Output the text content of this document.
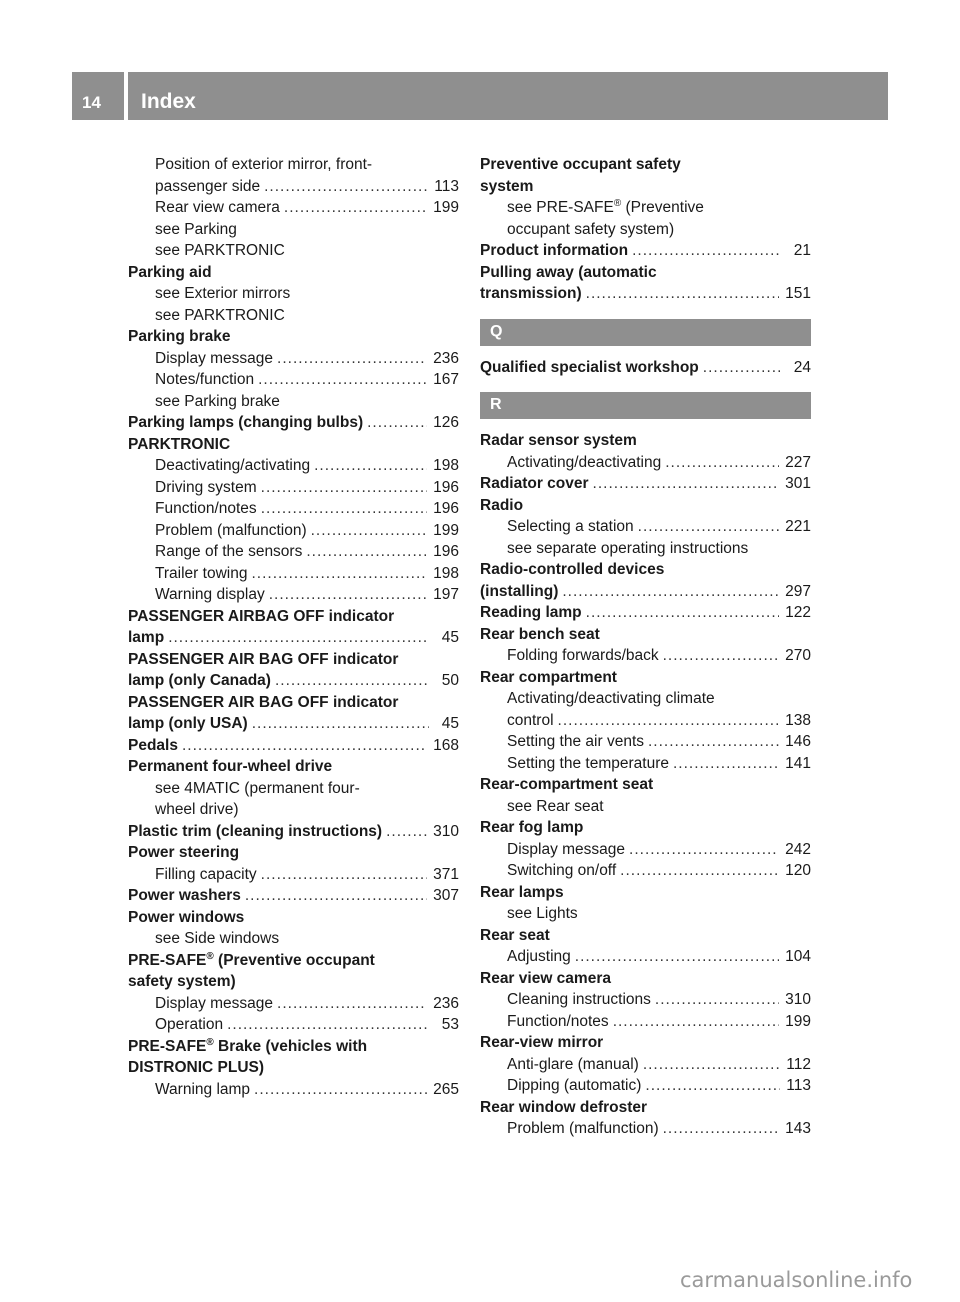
14 Index
Position of exterior mirror, front-
passenger side .....	113
Rear view camera .....	199
see Parking
see PARKTRONIC
Parking aid
see Exterior mirrors
see PARKTRONIC
Parking brake
Display message .....	236
Notes/function .....	167
see Parking brake
Parking lamps (changing bulbs) .....	126
PARKTRONIC
Deactivating/activating .....	198
Driving system .....	196
Function/notes .....	196
Problem (malfunction) .....	199
Range of the sensors .....	196
Trailer towing .....	198
Warning display .....	197
PASSENGER AIRBAG OFF indicator
lamp .....	45
PASSENGER AIR BAG OFF indicator
lamp (only Canada) .....	50
PASSENGER AIR BAG OFF indicator
lamp (only USA) .....	45
Pedals .....	168
Permanent four-wheel drive
see 4MATIC (permanent four-
wheel drive)
Plastic trim (cleaning instructions) .....	310
Power steering
Filling capacity .....	371
Power washers .....	307
Power windows
see Side windows
PRE-SAFE® (Preventive occupant
safety system)
Display message .....	236
Operation .....	53
PRE-SAFE® Brake (vehicles with
DISTRONIC PLUS)
Warning lamp .....	265
Preventive occupant safety
system
see PRE-SAFE® (Preventive
occupant safety system)
Product information .....	21
Pulling away (automatic
transmission) .....	151
Q
Qualified specialist workshop .....	24
R
Radar sensor system
Activating/deactivating .....	227
Radiator cover .....	301
Radio
Selecting a station .....	221
see separate operating instructions
Radio-controlled devices
(installing) .....	297
Reading lamp .....	122
Rear bench seat
Folding forwards/back .....	270
Rear compartment
Activating/deactivating climate
control .....	138
Setting the air vents .....	146
Setting the temperature .....	141
Rear-compartment seat
see Rear seat
Rear fog lamp
Display message .....	242
Switching on/off .....	120
Rear lamps
see Lights
Rear seat
Adjusting .....	104
Rear view camera
Cleaning instructions .....	310
Function/notes .....	199
Rear-view mirror
Anti-glare (manual) .....	112
Dipping (automatic) .....	113
Rear window defroster
Problem (malfunction) .....	143
carmanualsonline.info
